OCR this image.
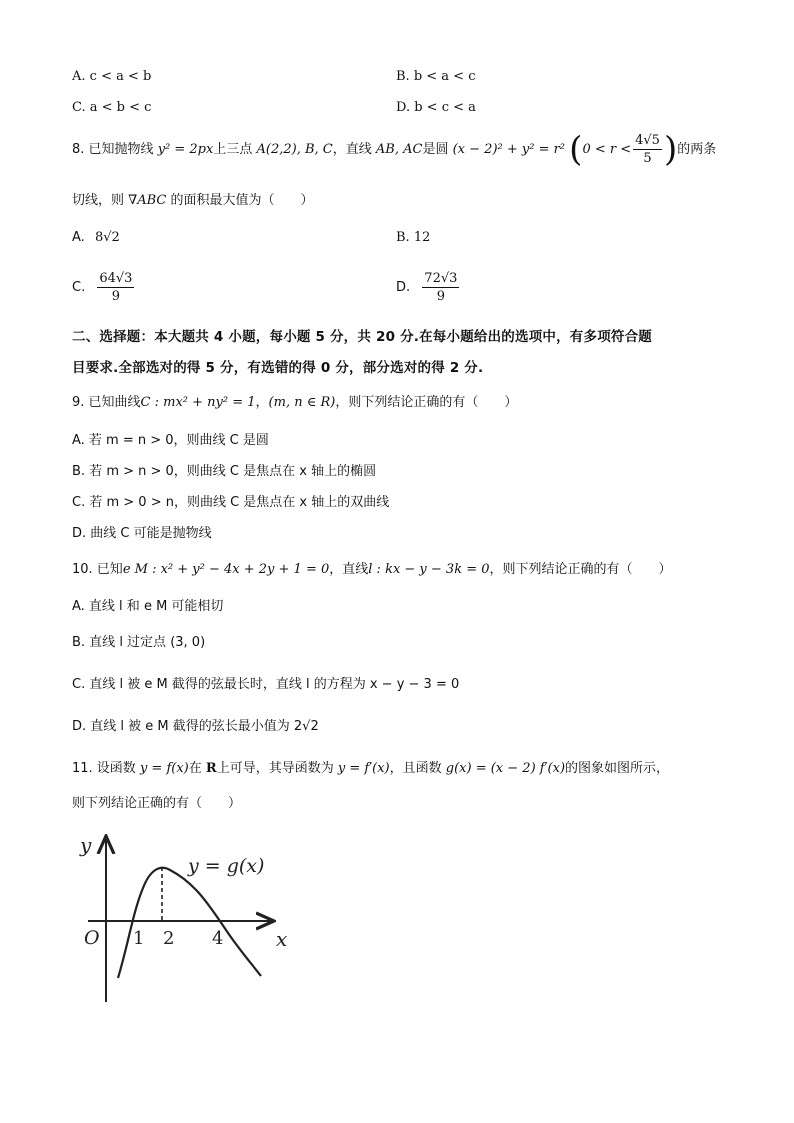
A. c < a < b	B. b < a < c
C. a < b < c	D. b < c < a
8. 已知抛物线 y² = 2px上三点 A(2,2), B, C，直线 AB, AC是圆 (x − 2)² + y² = r² ($0 < r < \frac{4√5}{5}$ )的两条
切线，则 ∇ABC 的面积最大值为（　　）
A. 8√2	B. 12
C. $\frac{64√3}{9}$	D. $\frac{72√3}{9}$
二、选择题：本大题共 4 小题，每小题 5 分，共 20 分.在每小题给出的选项中，有多项符合题
目要求.全部选对的得 5 分，有选错的得 0 分，部分选对的得 2 分.
9. 已知曲线C : mx² + ny² = 1，(m, n ∈ R)，则下列结论正确的有（　　）
A. 若 m = n > 0，则曲线 C 是圆
B. 若 m > n > 0，则曲线 C 是焦点在 x 轴上的椭圆
C. 若 m > 0 > n，则曲线 C 是焦点在 x 轴上的双曲线
D. 曲线 C 可能是抛物线
10. 已知e M : x² + y² − 4x + 2y + 1 = 0，直线l : kx − y − 3k = 0，则下列结论正确的有（　　）
A. 直线 l 和 e M 可能相切
B. 直线 l 过定点 (3, 0)
C. 直线 l 被 e M 截得的弦最长时，直线 l 的方程为 x − y − 3 = 0
D. 直线 l 被 e M 截得的弦长最小值为 2√2
11. 设函数 y = f(x)在 R上可导，其导函数为 y = f′(x)，且函数 g(x) = (x − 2) f′(x)的图象如图所示，
则下列结论正确的有（　　）
y
x
O 1 2 4
y = g(x)
